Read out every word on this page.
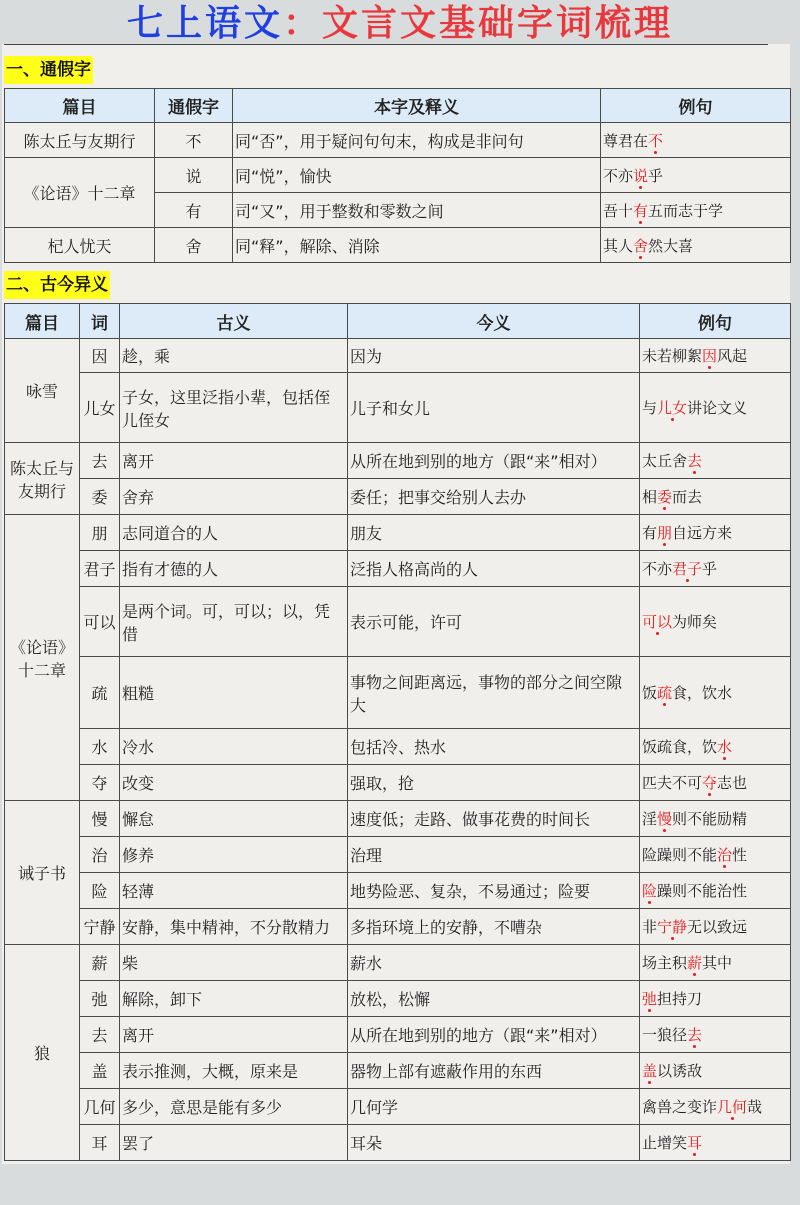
七上语文：文言文基础字词梳理
一、通假字
篇目	通假字	本字及释义	例句
陈太丘与友期行	不	同“否”，用于疑问句句末，构成是非问句	尊君在不
《论语》十二章	说	同“悦”，愉快	不亦说乎
	有	司“又”，用于整数和零数之间	吾十有五而志于学
杞人忧天	舍	同“释”，解除、消除	其人舍然大喜
二、古今异义
篇目	词	古义	今义	例句
咏雪	因	趁，乘	因为	未若柳絮因风起
	儿女	子女，这里泛指小辈，包括侄儿侄女	儿子和女儿	与儿女讲论文义
陈太丘与友期行	去	离开	从所在地到别的地方（跟“来”相对）	太丘舍去
	委	舍弃	委任；把事交给别人去办	相委而去
《论语》十二章	朋	志同道合的人	朋友	有朋自远方来
	君子	指有才德的人	泛指人格高尚的人	不亦君子乎
	可以	是两个词。可，可以；以，凭借	表示可能，许可	可以为师矣
	疏	粗糙	事物之间距离远，事物的部分之间空隙大	饭疏食，饮水
	水	冷水	包括冷、热水	饭疏食，饮水
	夺	改变	强取，抢	匹夫不可夺志也
诫子书	慢	懈怠	速度低；走路、做事花费的时间长	淫慢则不能励精
	治	修养	治理	险躁则不能治性
	险	轻薄	地势险恶、复杂，不易通过；险要	险躁则不能治性
	宁静	安静，集中精神，不分散精力	多指环境上的安静，不嘈杂	非宁静无以致远
狼	薪	柴	薪水	场主积薪其中
	弛	解除，卸下	放松，松懈	弛担持刀
	去	离开	从所在地到别的地方（跟“来”相对）	一狼径去
	盖	表示推测，大概，原来是	器物上部有遮蔽作用的东西	盖以诱敌
	几何	多少，意思是能有多少	几何学	禽兽之变诈几何哉
	耳	罢了	耳朵	止增笑耳
